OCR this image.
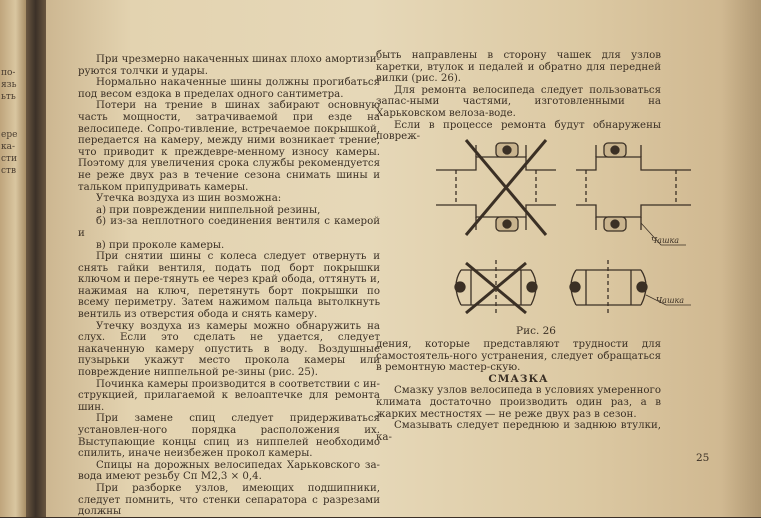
по-
язь
ьть
ере
ка-
сти
ств

При чрезмерно накаченных шинах плохо амортизи-руются толчки и удары.

Нормально накаченные шины должны прогибаться под весом ездока в пределах одного сантиметра.

Потери на трение в шинах забирают основную часть мощности, затрачиваемой при езде на велосипеде. Сопро-тивление, встречаемое покрышкой, передается на камеру, между ними возникает трение, что приводит к преждевре-менному износу камеры. Поэтому для увеличения срока службы рекомендуется не реже двух раз в течение сезона снимать шины и тальком припудривать камеры.

Утечка воздуха из шин возможна:

а) при повреждении ниппельной резины,

б) из-за неплотного соединения вентиля с камерой и

в) при проколе камеры.

При снятии шины с колеса следует отвернуть и снять гайки вентиля, подать под борт покрышки ключом и пере-тянуть ее через край обода, оттянуть и, нажимая на ключ, перетянуть борт покрышки по всему периметру. Затем нажимом пальца вытолкнуть вентиль из отверстия обода и снять камеру.

Утечку воздуха из камеры можно обнаружить на слух. Если это сделать не удается, следует накаченную камеру опустить в воду. Воздушные пузырьки укажут место прокола камеры или повреждение ниппельной ре-зины (рис. 25).

Починка камеры производится в соответствии с ин-струкцией, прилагаемой к велоаптечке для ремонта шин.

При замене спиц следует придерживаться установлен-ного порядка расположения их. Выступающие концы спиц из ниппелей необходимо спилить, иначе неизбежен прокол камеры.

Спицы на дорожных велосипедах Харьковского за-вода имеют резьбу Сп М2,3 × 0,4.

При разборке узлов, имеющих подшипники, следует помнить, что стенки сепаратора с разрезами должны

быть направлены в сторону чашек для узлов каретки, втулок и педалей и обратно для передней вилки (рис. 26).

Для ремонта велосипеда следует пользоваться запас-ными частями, изготовленными на Харьковском велоза-воде.

Если в процессе ремонта будут обнаружены повреж-

Чашка
Чашка
Рис. 26

дения, которые представляют трудности для самостоятель-ного устранения, следует обращаться в ремонтную мастер-скую.

СМАЗКА

Смазку узлов велосипеда в условиях умеренного климата достаточно производить один раз, а в жарких местностях — не реже двух раз в сезон.

Смазывать следует переднюю и заднюю втулки, ка-

25
